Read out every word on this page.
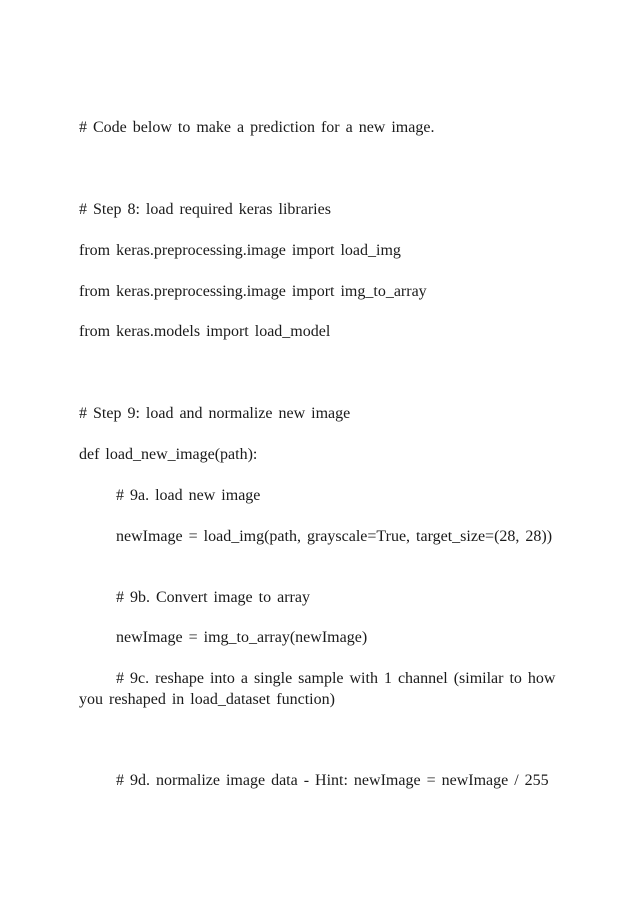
# Code below to make a prediction for a new image.
# Step 8: load required keras libraries
from keras.preprocessing.image import load_img
from keras.preprocessing.image import img_to_array
from keras.models import load_model
# Step 9: load and normalize new image
def load_new_image(path):
# 9a. load new image
newImage = load_img(path, grayscale=True, target_size=(28, 28))
# 9b. Convert image to array
newImage = img_to_array(newImage)
# 9c. reshape into a single sample with 1 channel (similar to how you reshaped in load_dataset function)
# 9d. normalize image data - Hint: newImage = newImage / 255
